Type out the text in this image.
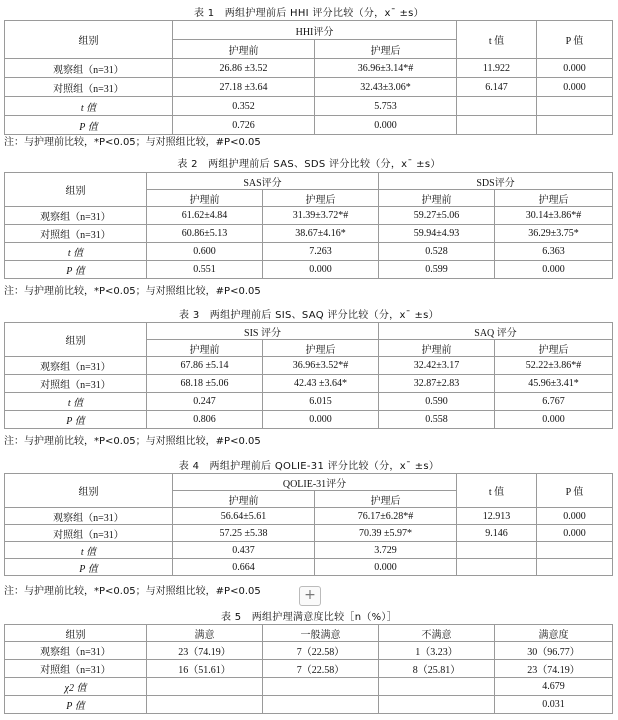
表 1　两组护理前后 HHI 评分比较（分，x¯ ±s）
组别	HHI评分		t 值	P 值
	护理前	护理后		
观察组（n=31）	26.86 ±3.52	36.96±3.14*#	11.922	0.000
对照组（n=31）	27.18 ±3.64	32.43±3.06*	6.147	0.000
t 值	0.352	5.753		
P 值	0.726	0.000		
注：与护理前比较，*P<0.05；与对照组比较，#P<0.05
表 2　两组护理前后 SAS、SDS 评分比较（分，x¯ ±s）
组别	SAS评分		SDS评分	
	护理前	护理后	护理前	护理后
观察组（n=31）	61.62±4.84	31.39±3.72*#	59.27±5.06	30.14±3.86*#
对照组（n=31）	60.86±5.13	38.67±4.16*	59.94±4.93	36.29±3.75*
t 值	0.600	7.263	0.528	6.363
P 值	0.551	0.000	0.599	0.000
注：与护理前比较，*P<0.05；与对照组比较，#P<0.05
表 3　两组护理前后 SIS、SAQ 评分比较（分，x¯ ±s）
组别	SIS 评分		SAQ 评分	
	护理前	护理后	护理前	护理后
观察组（n=31）	67.86 ±5.14	36.96±3.52*#	32.42±3.17	52.22±3.86*#
对照组（n=31）	68.18 ±5.06	42.43 ±3.64*	32.87±2.83	45.96±3.41*
t 值	0.247	6.015	0.590	6.767
P 值	0.806	0.000	0.558	0.000
注：与护理前比较，*P<0.05；与对照组比较，#P<0.05
表 4　两组护理前后 QOLIE-31 评分比较（分，x¯ ±s）
组别	QOLIE-31评分		t 值	P 值
	护理前	护理后		
观察组（n=31）	56.64±5.61	76.17±6.28*#	12.913	0.000
对照组（n=31）	57.25 ±5.38	70.39 ±5.97*	9.146	0.000
t 值	0.437	3.729		
P 值	0.664	0.000		
注：与护理前比较，*P<0.05；与对照组比较，#P<0.05	+
表 5　两组护理满意度比较［n（%）］
组别	满意	一般满意	不满意	满意度
观察组（n=31）	23（74.19）	7（22.58）	1（3.23）	30（96.77）
对照组（n=31）	16（51.61）	7（22.58）	8（25.81）	23（74.19）
χ2 值				4.679
P 值				0.031
